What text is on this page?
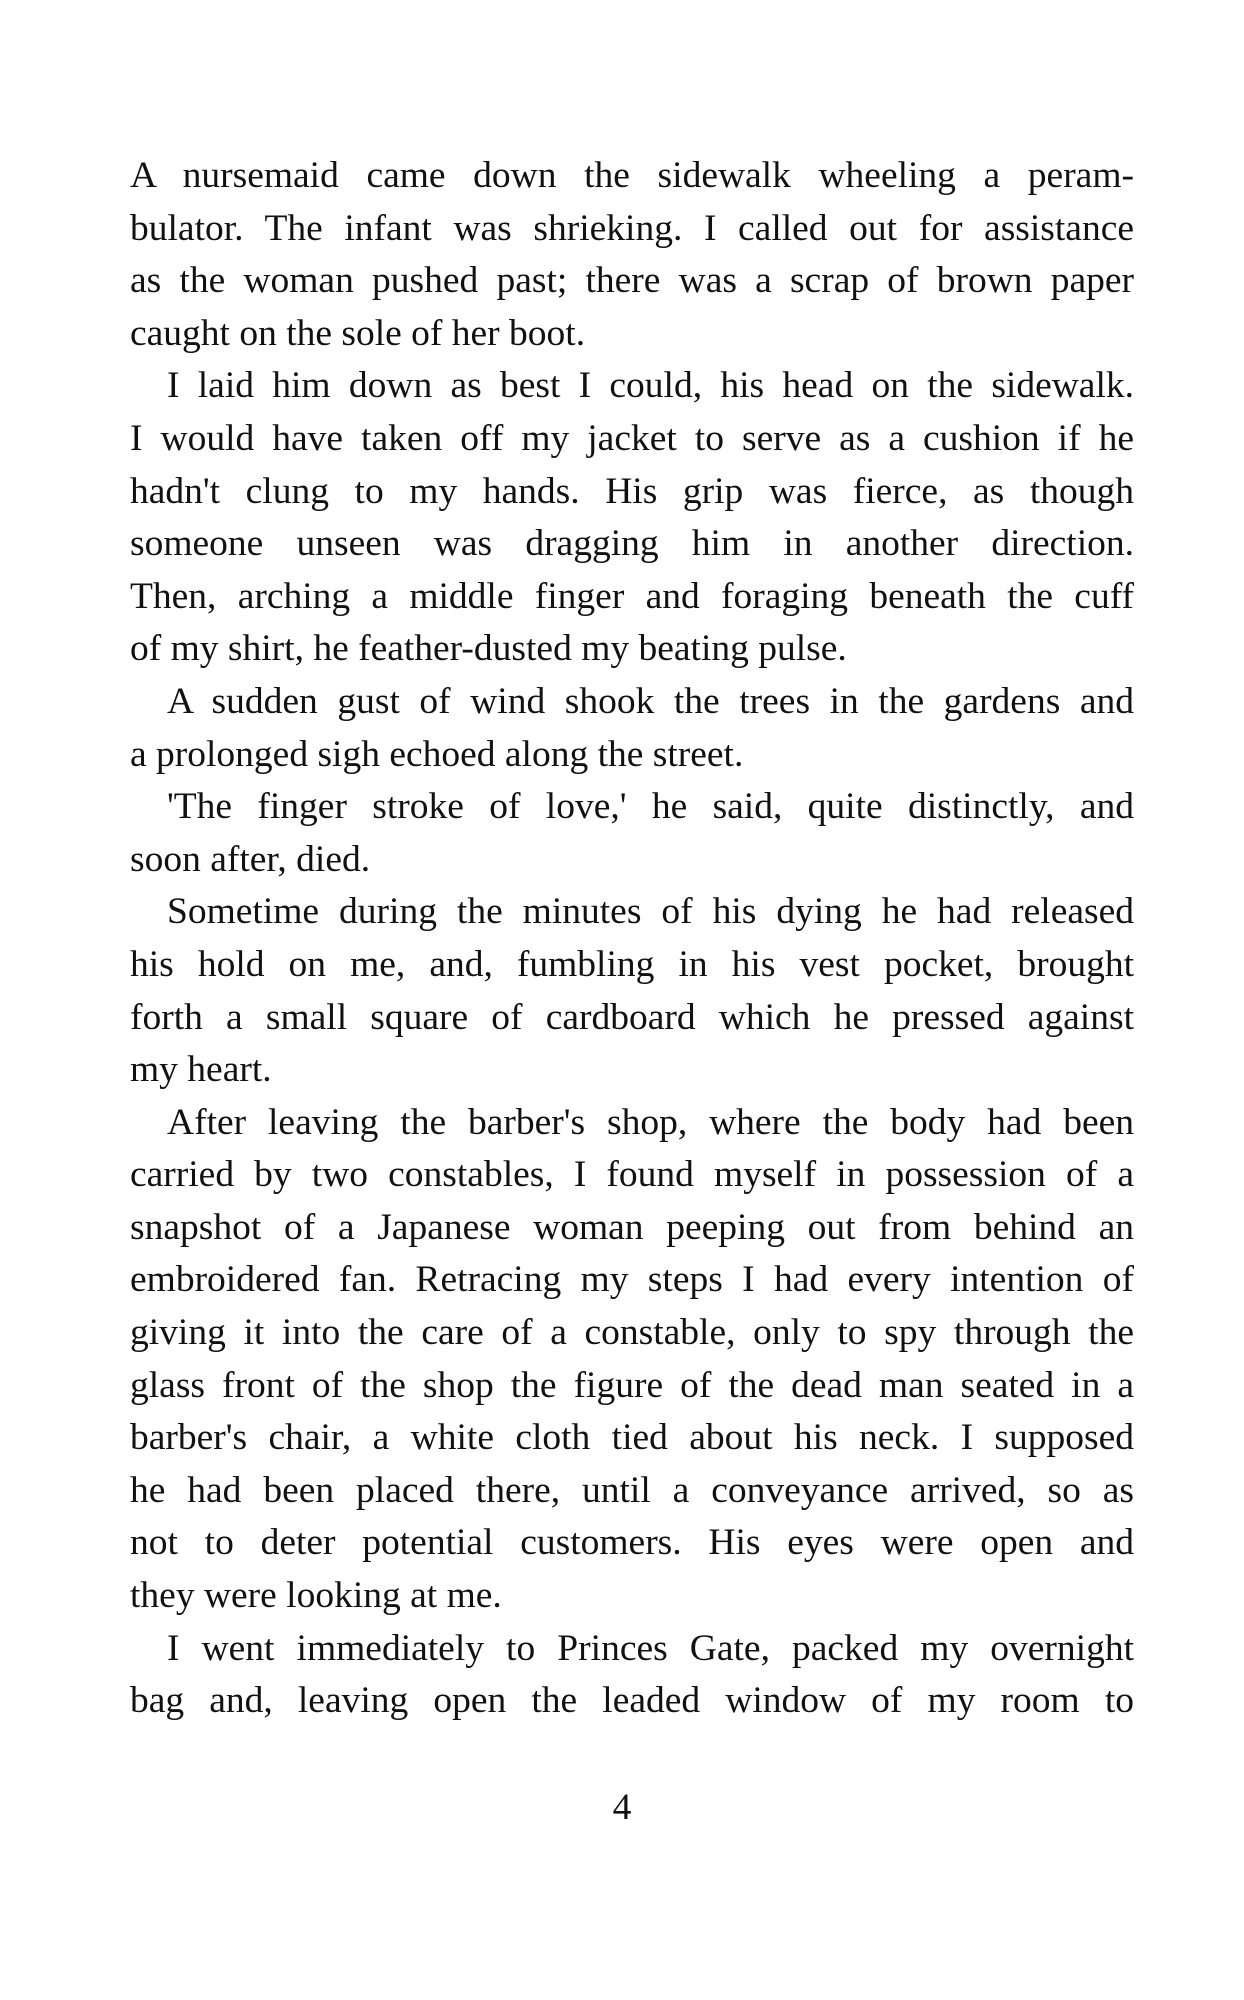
A nursemaid came down the sidewalk wheeling a peram-
bulator. The infant was shrieking. I called out for assistance
as the woman pushed past; there was a scrap of brown paper
caught on the sole of her boot.
I laid him down as best I could, his head on the sidewalk.
I would have taken off my jacket to serve as a cushion if he
hadn't clung to my hands. His grip was fierce, as though
someone unseen was dragging him in another direction.
Then, arching a middle finger and foraging beneath the cuff
of my shirt, he feather-dusted my beating pulse.
A sudden gust of wind shook the trees in the gardens and
a prolonged sigh echoed along the street.
'The finger stroke of love,' he said, quite distinctly, and
soon after, died.
Sometime during the minutes of his dying he had released
his hold on me, and, fumbling in his vest pocket, brought
forth a small square of cardboard which he pressed against
my heart.
After leaving the barber's shop, where the body had been
carried by two constables, I found myself in possession of a
snapshot of a Japanese woman peeping out from behind an
embroidered fan. Retracing my steps I had every intention of
giving it into the care of a constable, only to spy through the
glass front of the shop the figure of the dead man seated in a
barber's chair, a white cloth tied about his neck. I supposed
he had been placed there, until a conveyance arrived, so as
not to deter potential customers. His eyes were open and
they were looking at me.
I went immediately to Princes Gate, packed my overnight
bag and, leaving open the leaded window of my room to
4
